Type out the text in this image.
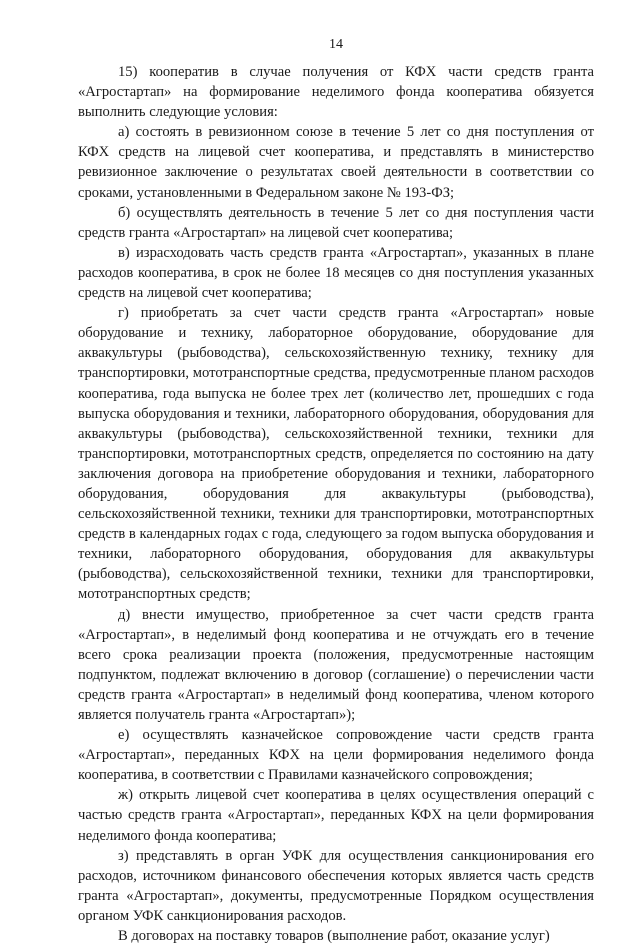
14

15) кооператив в случае получения от КФХ части средств гранта «Агростартап» на формирование неделимого фонда кооператива обязуется выполнить следующие условия:

а) состоять в ревизионном союзе в течение 5 лет со дня поступления от КФХ средств на лицевой счет кооператива, и представлять в министерство ревизионное заключение о результатах своей деятельности в соответствии со сроками, установленными в Федеральном законе № 193-ФЗ;

б) осуществлять деятельность в течение 5 лет со дня поступления части средств гранта «Агростартап» на лицевой счет кооператива;

в) израсходовать часть средств гранта «Агростартап», указанных в плане расходов кооператива, в срок не более 18 месяцев со дня поступления указанных средств на лицевой счет кооператива;

г) приобретать за счет части средств гранта «Агростартап» новые оборудование и технику, лабораторное оборудование, оборудование для аквакультуры (рыбоводства), сельскохозяйственную технику, технику для транспортировки, мототранспортные средства, предусмотренные планом расходов кооператива, года выпуска не более трех лет (количество лет, прошедших с года выпуска оборудования и техники, лабораторного оборудования, оборудования для аквакультуры (рыбоводства), сельскохозяйственной техники, техники для транспортировки, мототранспортных средств, определяется по состоянию на дату заключения договора на приобретение оборудования и техники, лабораторного оборудования, оборудования для аквакультуры (рыбоводства), сельскохозяйственной техники, техники для транспортировки, мототранспортных средств в календарных годах с года, следующего за годом выпуска оборудования и техники, лабораторного оборудования, оборудования для аквакультуры (рыбоводства), сельскохозяйственной техники, техники для транспортировки, мототранспортных средств;

д) внести имущество, приобретенное за счет части средств гранта «Агростартап», в неделимый фонд кооператива и не отчуждать его в течение всего срока реализации проекта (положения, предусмотренные настоящим подпунктом, подлежат включению в договор (соглашение) о перечислении части средств гранта «Агростартап» в неделимый фонд кооператива, членом которого является получатель гранта «Агростартап»);

е) осуществлять казначейское сопровождение части средств гранта «Агростартап», переданных КФХ на цели формирования неделимого фонда кооператива, в соответствии с Правилами казначейского сопровождения;

ж) открыть лицевой счет кооператива в целях осуществления операций с частью средств гранта «Агростартап», переданных КФХ на цели формирования неделимого фонда кооператива;

з) представлять в орган УФК для осуществления санкционирования его расходов, источником финансового обеспечения которых является часть средств гранта «Агростартап», документы, предусмотренные Порядком осуществления органом УФК санкционирования расходов.

В договорах на поставку товаров (выполнение работ, оказание услуг)
